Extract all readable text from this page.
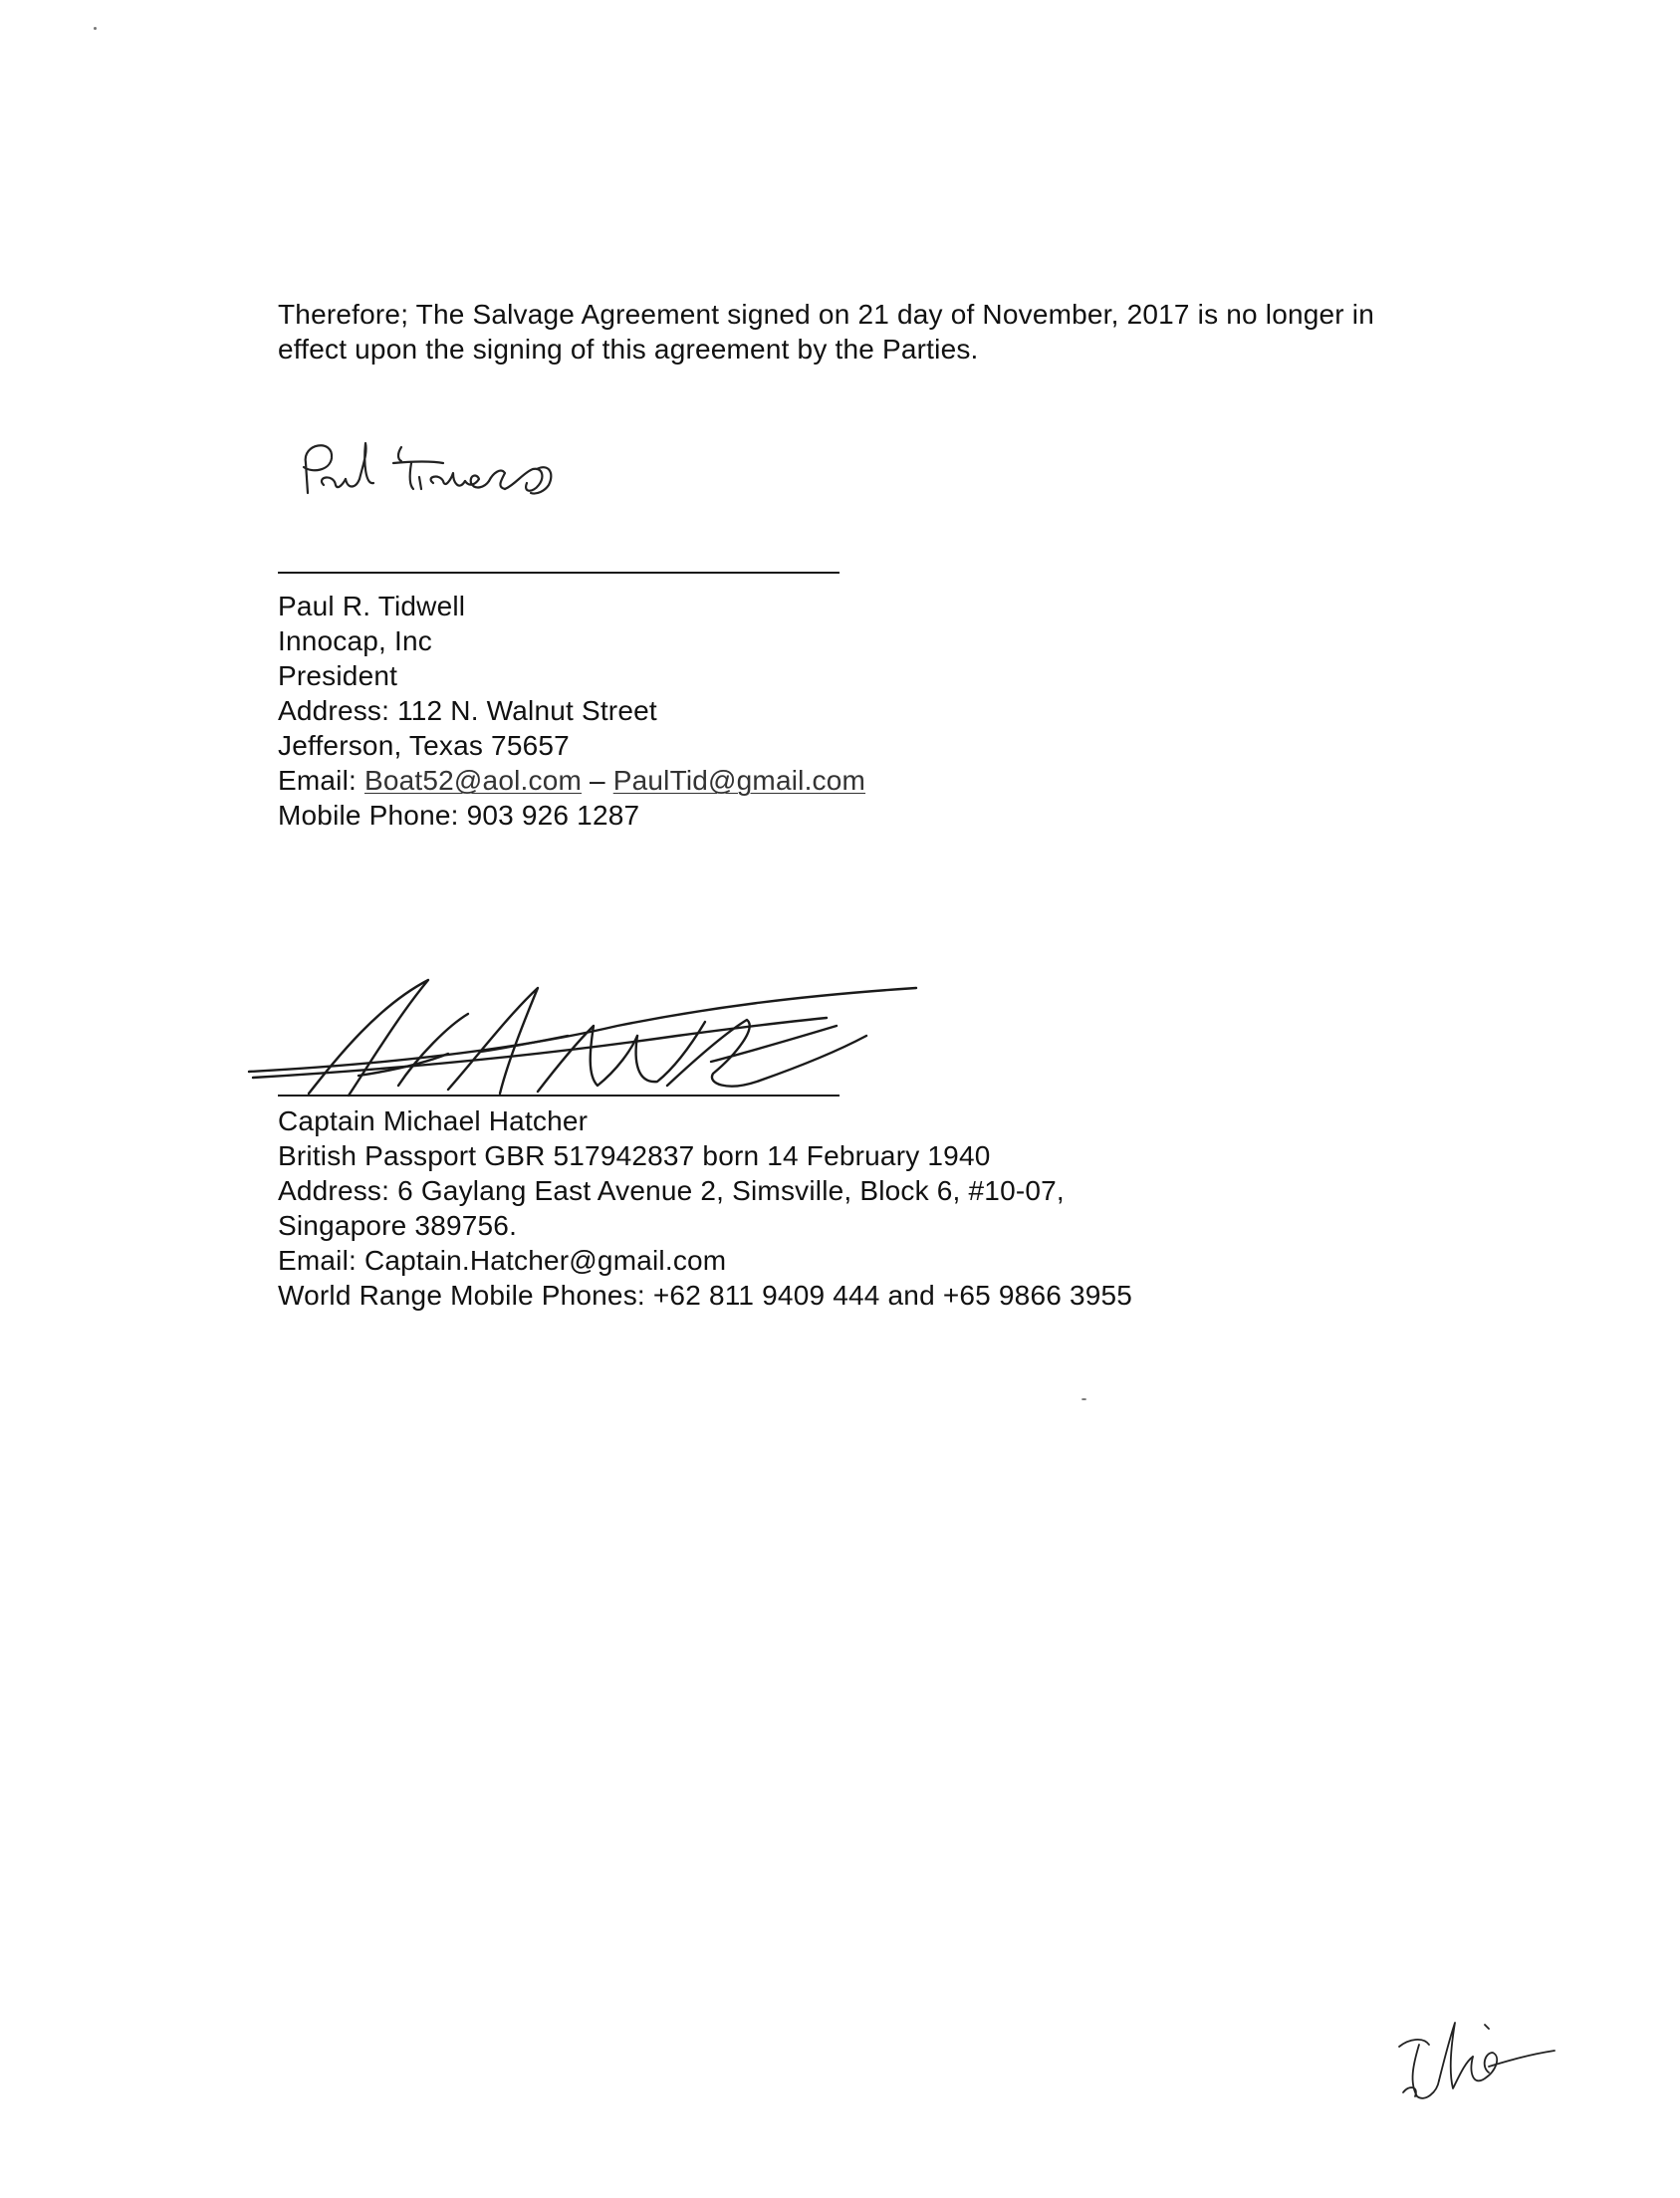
Therefore; The Salvage Agreement signed on 21 day of November, 2017 is no longer in

effect upon the signing of this agreement by the Parties.

Paul R. Tidwell
Innocap, Inc
President
Address: 112 N. Walnut Street
Jefferson, Texas 75657
Email: Boat52@aol.com – PaulTid@gmail.com
Mobile Phone: 903 926 1287
Captain Michael Hatcher
British Passport GBR 517942837 born 14 February 1940
Address: 6 Gaylang East Avenue 2, Simsville, Block 6, #10-07,
Singapore 389756.
Email: Captain.Hatcher@gmail.com
World Range Mobile Phones: +62 811 9409 444 and +65 9866 3955
